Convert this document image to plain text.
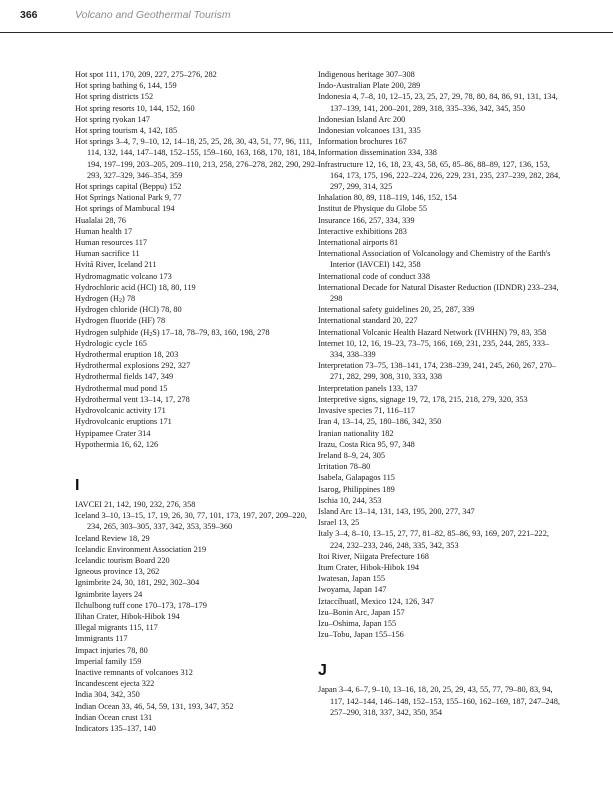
366	Volcano and Geothermal Tourism
Hot spot 111, 170, 209, 227, 275–276, 282
Hot spring bathing 6, 144, 159
Hot spring districts 152
Hot spring resorts 10, 144, 152, 160
Hot spring ryokan 147
Hot spring tourism 4, 142, 185
Hot springs 3–4, 7, 9–10, 12, 14–18, 25, 25, 28, 30, 43, 51, 77, 96, 111, 114, 132, 144, 147–148, 152–155, 159–160, 163, 168, 170, 181, 184, 194, 197–199, 203–205, 209–110, 213, 258, 276–278, 282, 290, 292–293, 327–329, 346–354, 359
Hot springs capital (Beppu) 152
Hot Springs National Park 9, 77
Hot springs of Mambucal 194
Hualalai 28, 76
Human health 17
Human resources 117
Human sacrifice 11
Hvítá River, Iceland 211
Hydromagmatic volcano 173
Hydrochloric acid (HCl) 18, 80, 119
Hydrogen $(H_2)$ 78
Hydrogen chloride (HCl) 78, 80
Hydrogen fluoride (HF) 78
Hydrogen sulphide $(H_2S)$ 17–18, 78–79, 83, 160, 198, 278
Hydrologic cycle 165
Hydrothermal eruption 18, 203
Hydrothermal explosions 292, 327
Hydrothermal fields 147, 349
Hydrothermal mud pond 15
Hydrothermal vent 13–14, 17, 278
Hydrovolcanic activity 171
Hydrovolcanic eruptions 171
Hypipamee Crater 314
Hypothermia 16, 62, 126
I
IAVCEI 21, 142, 190, 232, 276, 358
Iceland 3–10, 13–15, 17, 19, 26, 30, 77, 101, 173, 197, 207, 209–220, 234, 265, 303–305, 337, 342, 353, 359–360
Iceland Review 18, 29
Icelandic Environment Association 219
Icelandic tourism Board 220
Igneous province 13, 262
Ignimbrite 24, 30, 181, 292, 302–304
Ignimbrite layers 24
Ilchulbong tuff cone 170–173, 178–179
Ilihan Crater, Hibok-Hibok 194
Illegal migrants 115, 117
Immigrants 117
Impact injuries 78, 80
Imperial family 159
Inactive remnants of volcanoes 312
Incandescent ejecta 322
India 304, 342, 350
Indian Ocean 33, 46, 54, 59, 131, 193, 347, 352
Indian Ocean crust 131
Indicators 135–137, 140
Indigenous heritage 307–308
Indo-Australian Plate 200, 289
Indonesia 4, 7–8, 10, 12–15, 23, 25, 27, 29, 78, 80, 84, 86, 91, 131, 134, 137–139, 141, 200–201, 289, 318, 335–336, 342, 345, 350
Indonesian Island Arc 200
Indonesian volcanoes 131, 335
Information brochures 167
Information dissemination 334, 338
Infrastructure 12, 16, 18, 23, 43, 58, 65, 85–86, 88–89, 127, 136, 153, 164, 173, 175, 196, 222–224, 226, 229, 231, 235, 237–239, 282, 284, 297, 299, 314, 325
Inhalation 80, 89, 118–119, 146, 152, 154
Institut de Physique du Globe 55
Insurance 166, 257, 334, 339
Interactive exhibitions 283
International airports 81
International Association of Volcanology and Chemistry of the Earth's Interior (IAVCEI) 142, 358
International code of conduct 338
International Decade for Natural Disaster Reduction (IDNDR) 233–234, 298
International safety guidelines 20, 25, 287, 339
International standard 20, 227
International Volcanic Health Hazard Network (IVHHN) 79, 83, 358
Internet 10, 12, 16, 19–23, 73–75, 166, 169, 231, 235, 244, 285, 333–334, 338–339
Interpretation 73–75, 138–141, 174, 238–239, 241, 245, 260, 267, 270–271, 282, 299, 308, 310, 333, 338
Interpretation panels 133, 137
Interpretive signs, signage 19, 72, 178, 215, 218, 279, 320, 353
Invasive species 71, 116–117
Iran 4, 13–14, 25, 180–186, 342, 350
Iranian nationality 182
Irazu, Costa Rica 95, 97, 348
Ireland 8–9, 24, 305
Irritation 78–80
Isabela, Galapagos 115
Isarog, Philippines 189
Ischia 10, 244, 353
Island Arc 13–14, 131, 143, 195, 200, 277, 347
Israel 13, 25
Italy 3–4, 8–10, 13–15, 27, 77, 81–82, 85–86, 93, 169, 207, 221–222, 224, 232–233, 246, 248, 335, 342, 353
Itoi River, Niigata Prefecture 168
Itum Crater, Hibok-Hibok 194
Iwatesan, Japan 155
Iwoyama, Japan 147
Iztaccíhuatl, Mexico 124, 126, 347
Izu–Bonin Arc, Japan 157
Izu–Oshima, Japan 155
Izu–Tobu, Japan 155–156
J
Japan 3–4, 6–7, 9–10, 13–16, 18, 20, 25, 29, 43, 55, 77, 79–80, 83, 94, 117, 142–144, 146–148, 152–153, 155–160, 162–169, 187, 247–248, 257–290, 318, 337, 342, 350, 354
